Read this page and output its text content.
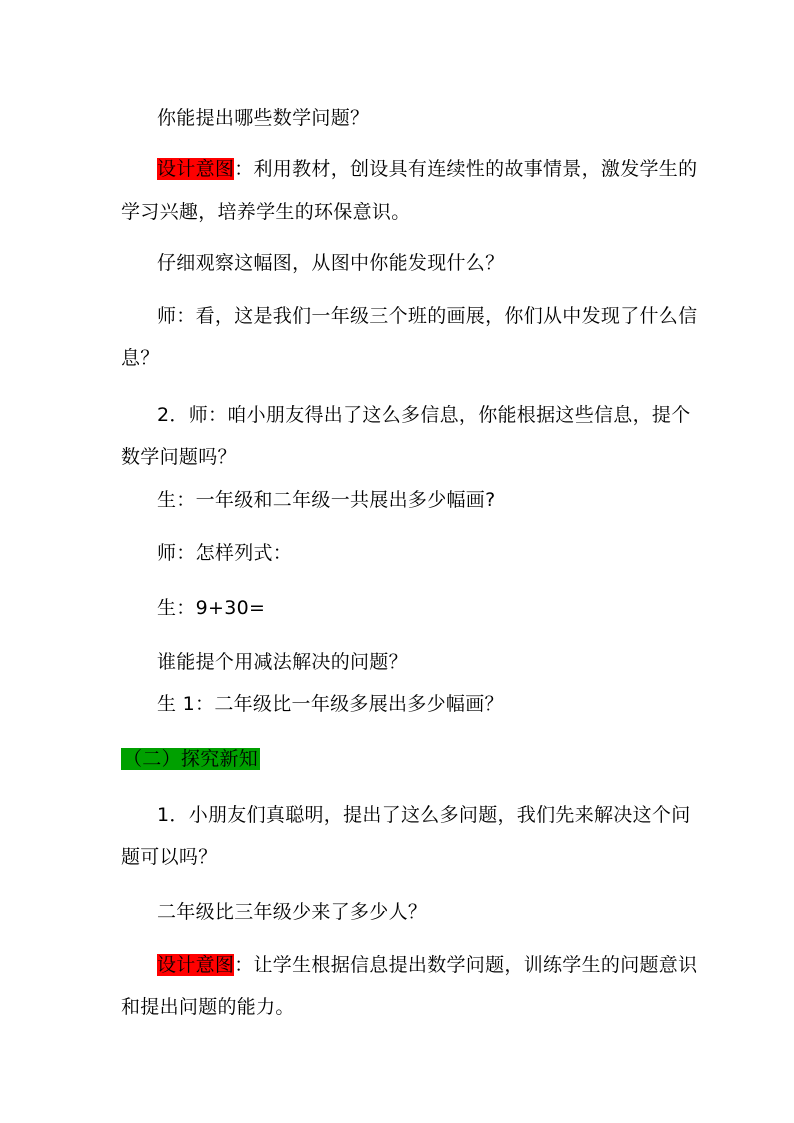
你能提出哪些数学问题？
设计意图：利用教材，创设具有连续性的故事情景，激发学生的
学习兴趣，培养学生的环保意识。
仔细观察这幅图，从图中你能发现什么？
师：看，这是我们一年级三个班的画展，你们从中发现了什么信
息？
2．师：咱小朋友得出了这么多信息，你能根据这些信息，提个
数学问题吗？
生：一年级和二年级一共展出多少幅画?
师：怎样列式：
生：9+30=
谁能提个用减法解决的问题？
生 1：二年级比一年级多展出多少幅画？
（二）探究新知
1．小朋友们真聪明，提出了这么多问题，我们先来解决这个问
题可以吗？
二年级比三年级少来了多少人？
设计意图：让学生根据信息提出数学问题，训练学生的问题意识
和提出问题的能力。
